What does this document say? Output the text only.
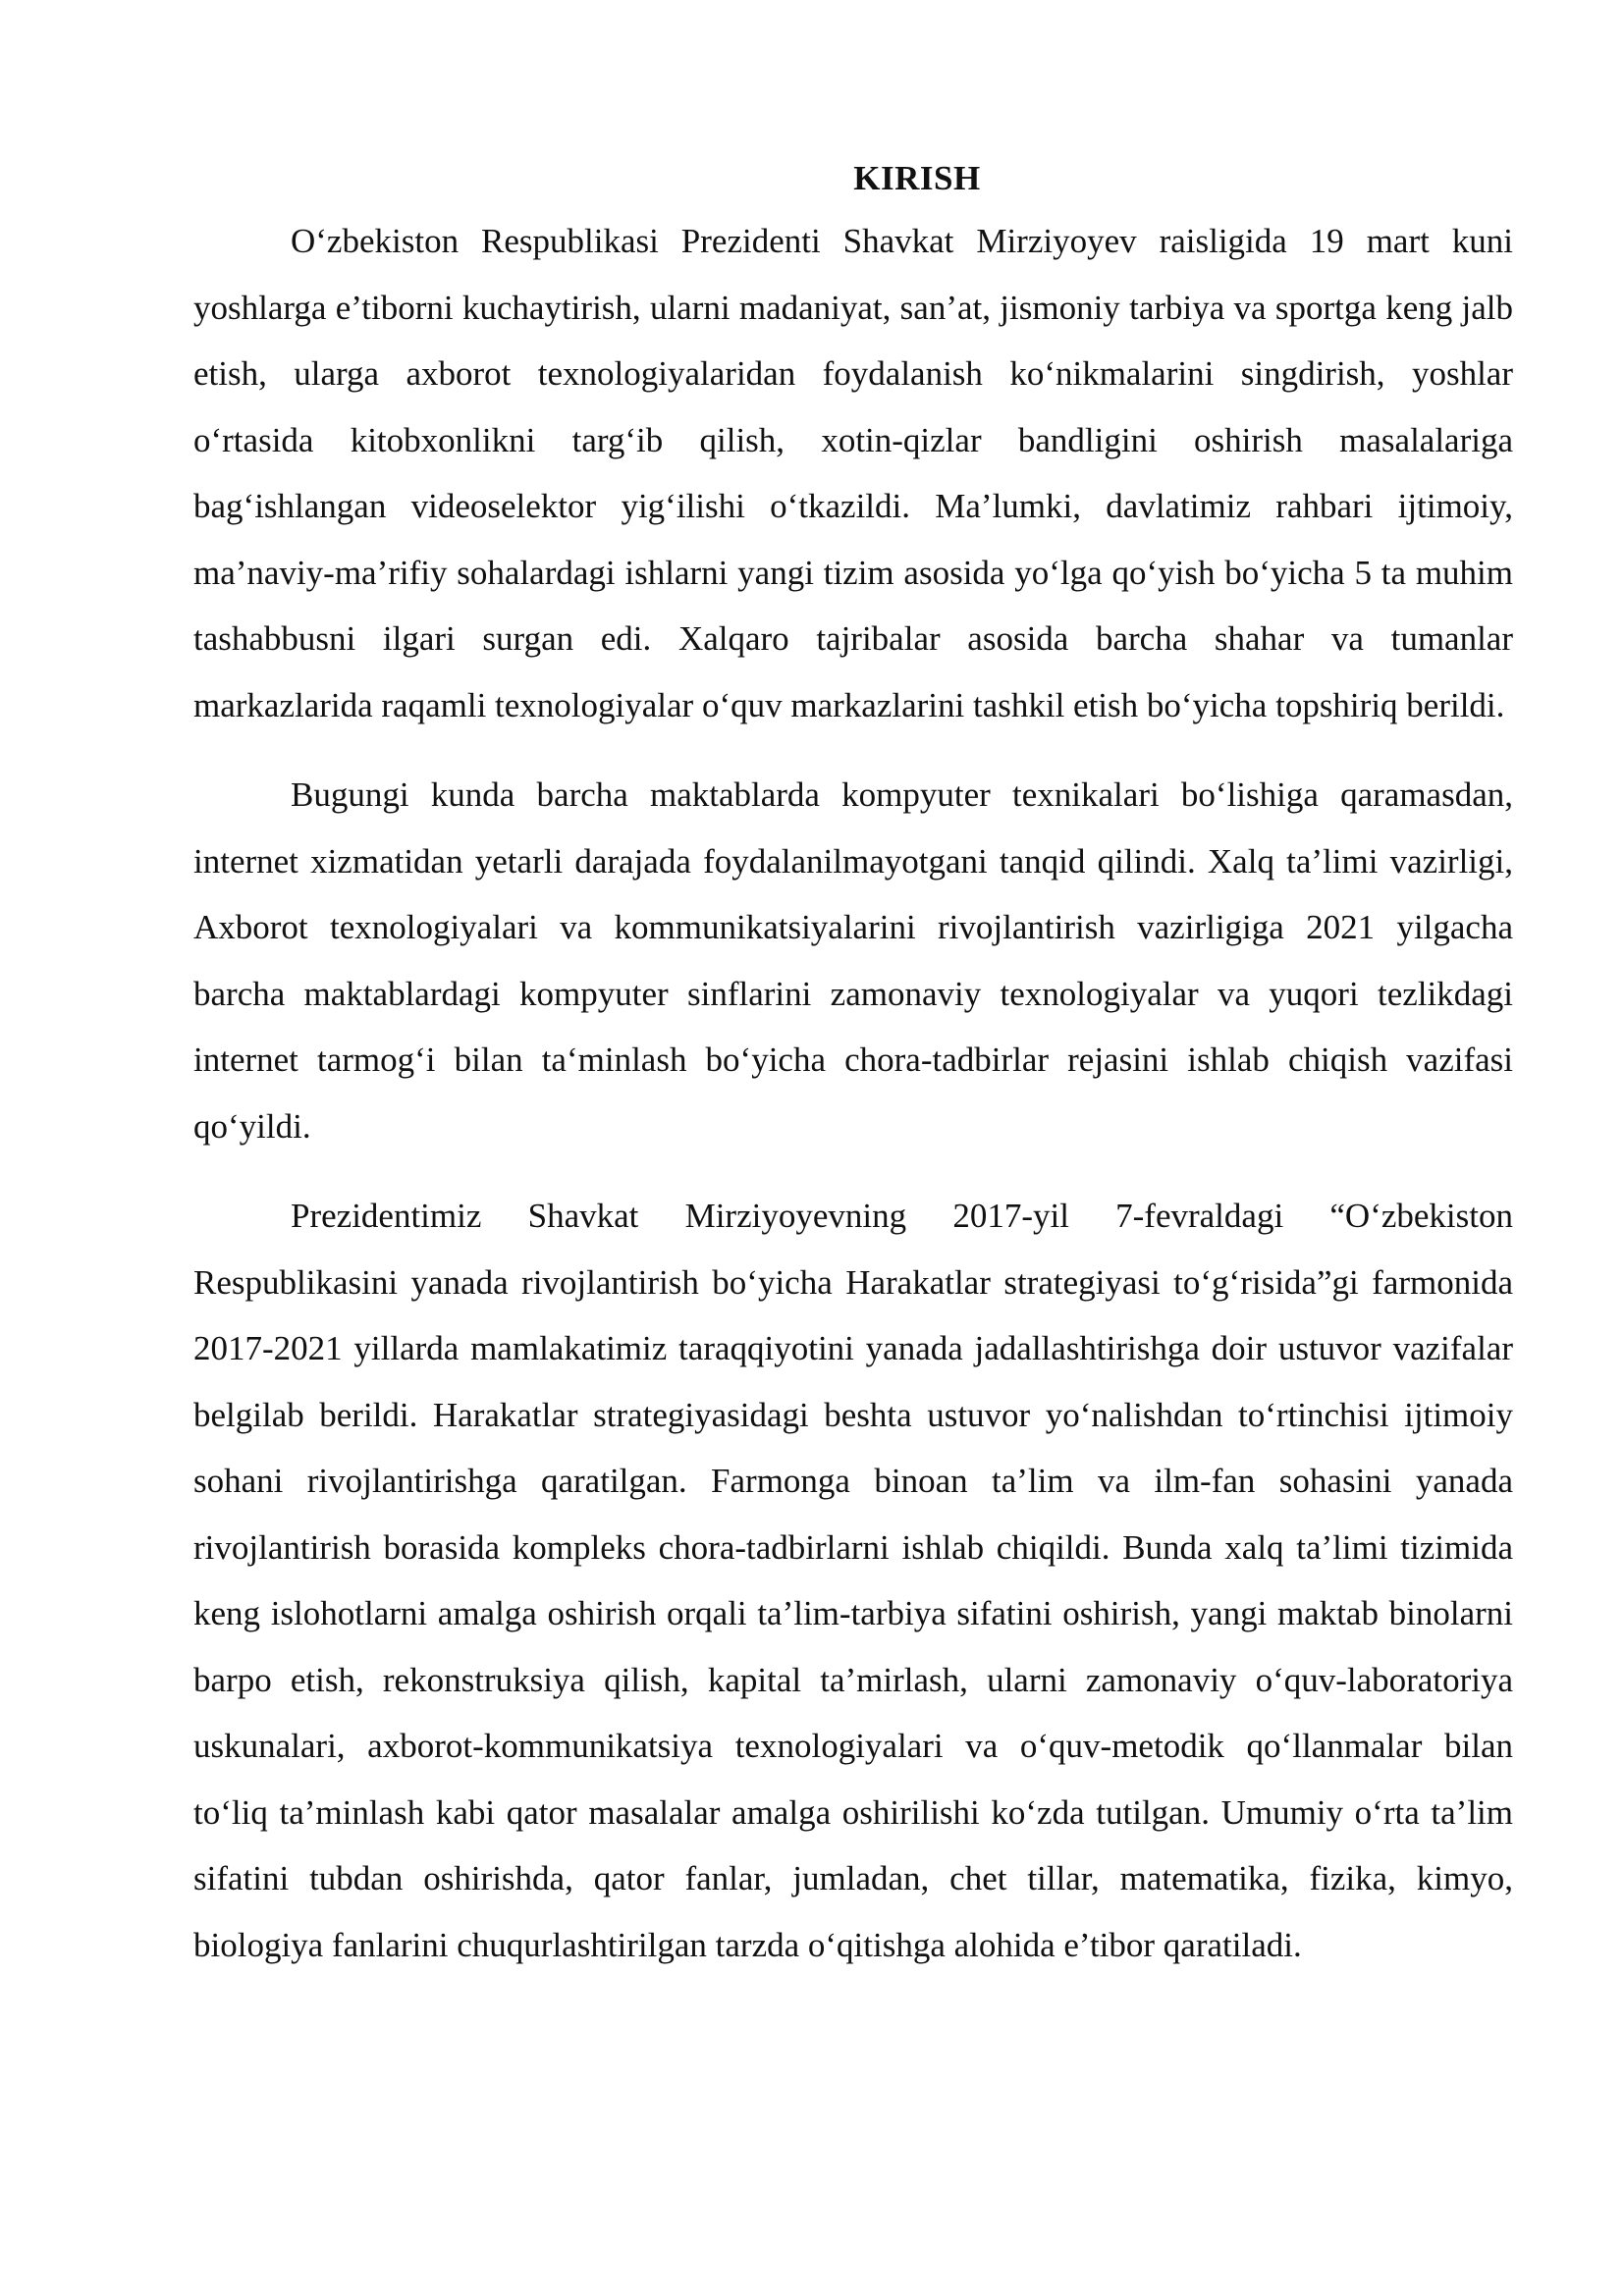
KIRISH

O‘zbekiston Respublikasi Prezidenti Shavkat Mirziyoyev raisligida 19 mart kuni yoshlarga e’tiborni kuchaytirish, ularni madaniyat, san’at, jismoniy tarbiya va sportga keng jalb etish, ularga axborot texnologiyalaridan foydalanish ko‘nikmalarini singdirish, yoshlar o‘rtasida kitobxonlikni targ‘ib qilish, xotin-qizlar bandligini oshirish masalalariga bag‘ishlangan videoselektor yig‘ilishi o‘tkazildi. Ma’lumki, davlatimiz rahbari ijtimoiy, ma’naviy-ma’rifiy sohalardagi ishlarni yangi tizim asosida yo‘lga qo‘yish bo‘yicha 5 ta muhim tashabbusni ilgari surgan edi. Xalqaro tajribalar asosida barcha shahar va tumanlar markazlarida raqamli texnologiyalar o‘quv markazlarini tashkil etish bo‘yicha topshiriq berildi.

Bugungi kunda barcha maktablarda kompyuter texnikalari bo‘lishiga qaramasdan, internet xizmatidan yetarli darajada foydalanilmayotgani tanqid qilindi. Xalq ta’limi vazirligi, Axborot texnologiyalari va kommunikatsiyalarini rivojlantirish vazirligiga 2021 yilgacha barcha maktablardagi kompyuter sinflarini zamonaviy texnologiyalar va yuqori tezlikdagi internet tarmog‘i bilan ta‘minlash bo‘yicha chora-tadbirlar rejasini ishlab chiqish vazifasi qo‘yildi.

Prezidentimiz Shavkat Mirziyoyevning 2017-yil 7-fevraldagi “O‘zbekiston Respublikasini yanada rivojlantirish bo‘yicha Harakatlar strategiyasi to‘g‘risida”gi farmonida 2017-2021 yillarda mamlakatimiz taraqqiyotini yanada jadallashtirishga doir ustuvor vazifalar belgilab berildi. Harakatlar strategiyasidagi beshta ustuvor yo‘nalishdan to‘rtinchisi ijtimoiy sohani rivojlantirishga qaratilgan. Farmonga binoan ta’lim va ilm-fan sohasini yanada rivojlantirish borasida kompleks chora-tadbirlarni ishlab chiqildi. Bunda xalq ta’limi tizimida keng islohotlarni amalga oshirish orqali ta’lim-tarbiya sifatini oshirish, yangi maktab binolarni barpo etish, rekonstruksiya qilish, kapital ta’mirlash, ularni zamonaviy o‘quv-laboratoriya uskunalari, axborot-kommunikatsiya texnologiyalari va o‘quv-metodik qo‘llanmalar bilan to‘liq ta’minlash kabi qator masalalar amalga oshirilishi ko‘zda tutilgan. Umumiy o‘rta ta’lim sifatini tubdan oshirishda, qator fanlar, jumladan, chet tillar, matematika, fizika, kimyo, biologiya fanlarini chuqurlashtirilgan tarzda o‘qitishga alohida e’tibor qaratiladi.
